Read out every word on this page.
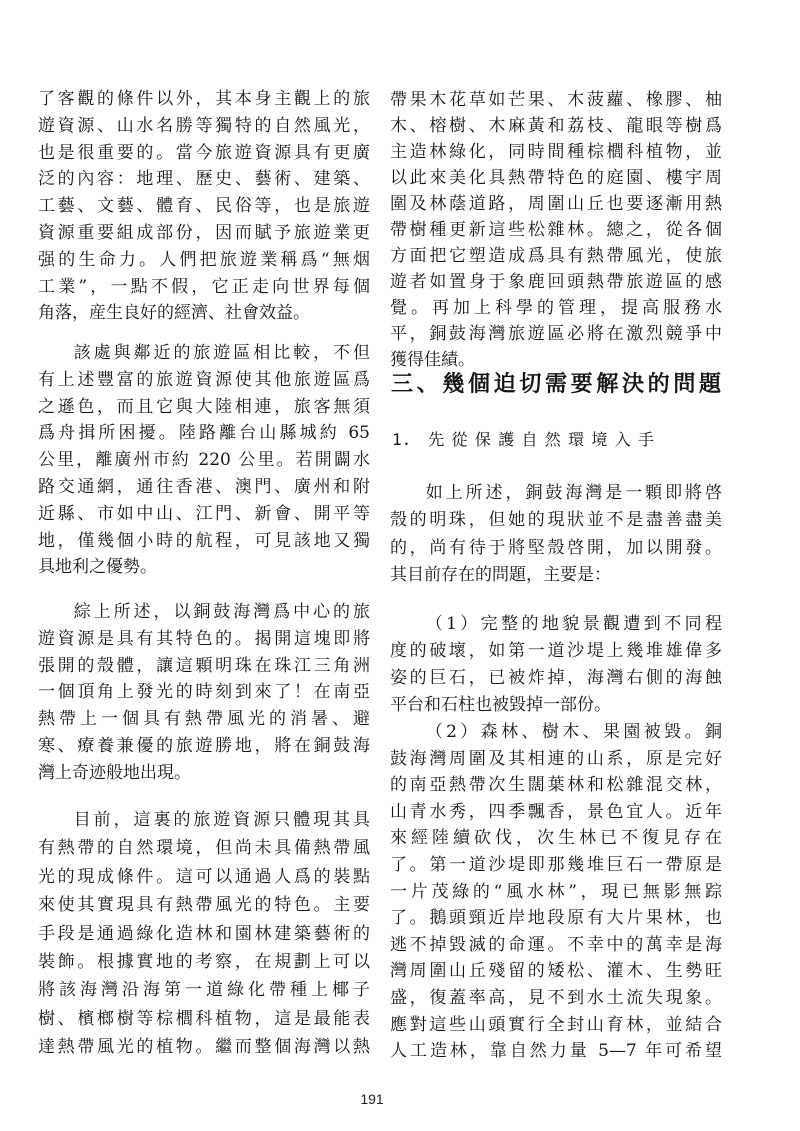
了客觀的條件以外，其本身主觀上的旅
遊資源、山水名勝等獨特的自然風光，
也是很重要的。當今旅遊資源具有更廣
泛的內容：地理、歷史、藝術、建築、
工藝、文藝、體育、民俗等，也是旅遊
資源重要組成部份，因而賦予旅遊業更
强的生命力。人們把旅遊業稱爲“無烟
工業”，一點不假，它正走向世界每個
角落，産生良好的經濟、社會效益。
該處與鄰近的旅遊區相比較，不但
有上述豐富的旅遊資源使其他旅遊區爲
之遜色，而且它與大陸相連，旅客無須
爲舟揖所困擾。陸路離台山縣城約 65
公里，離廣州市約 220 公里。若開闢水
路交通網，通往香港、澳門、廣州和附
近縣、市如中山、江門、新會、開平等
地，僅幾個小時的航程，可見該地又獨
具地利之優勢。
綜上所述，以銅鼓海灣爲中心的旅
遊資源是具有其特色的。揭開這塊即將
張開的殼體，讓這顆明珠在珠江三角洲
一個頂角上發光的時刻到來了！在南亞
熱帶上一個具有熱帶風光的消暑、避
寒、療養兼優的旅遊勝地，將在銅鼓海
灣上奇迹般地出現。
目前，這裏的旅遊資源只體現其具
有熱帶的自然環境，但尚未具備熱帶風
光的現成條件。這可以通過人爲的裝點
來使其實現具有熱帶風光的特色。主要
手段是通過綠化造林和園林建築藝術的
裝飾。根據實地的考察，在規劃上可以
將該海灣沿海第一道綠化帶種上椰子
樹、檳榔樹等棕櫚科植物，這是最能表
達熱帶風光的植物。繼而整個海灣以熱
帶果木花草如芒果、木菠蘿、橡膠、柚
木、榕樹、木麻黃和荔枝、龍眼等樹爲
主造林綠化，同時間種棕櫚科植物，並
以此來美化具熱帶特色的庭園、樓宇周
圍及林蔭道路，周圍山丘也要逐漸用熱
帶樹種更新這些松雜林。總之，從各個
方面把它塑造成爲具有熱帶風光，使旅
遊者如置身于象鹿回頭熱帶旅遊區的感
覺。再加上科學的管理，提高服務水
平，銅鼓海灣旅遊區必將在激烈競爭中
獲得佳績。
三、幾個迫切需要解決的問題
1. 先從保護自然環境入手
如上所述，銅鼓海灣是一顆即將啓
殼的明珠，但她的現狀並不是盡善盡美
的，尚有待于將堅殼啓開，加以開發。
其目前存在的問題，主要是：
（1）完整的地貌景觀遭到不同程
度的破壞，如第一道沙堤上幾堆雄偉多
姿的巨石，已被炸掉，海灣右側的海蝕
平台和石柱也被毀掉一部份。
（2）森林、樹木、果園被毀。銅
鼓海灣周圍及其相連的山系，原是完好
的南亞熱帶次生闊葉林和松雜混交林，
山青水秀，四季飄香，景色宜人。近年
來經陸續砍伐，次生林已不復見存在
了。第一道沙堤即那幾堆巨石一帶原是
一片茂綠的“風水林”，現已無影無踪
了。鵝頭頸近岸地段原有大片果林，也
逃不掉毀滅的命運。不幸中的萬幸是海
灣周圍山丘殘留的矮松、灌木、生勢旺
盛，復蓋率高，見不到水土流失現象。
應對這些山頭實行全封山育林，並結合
人工造林，靠自然力量 5—7 年可希望
191
